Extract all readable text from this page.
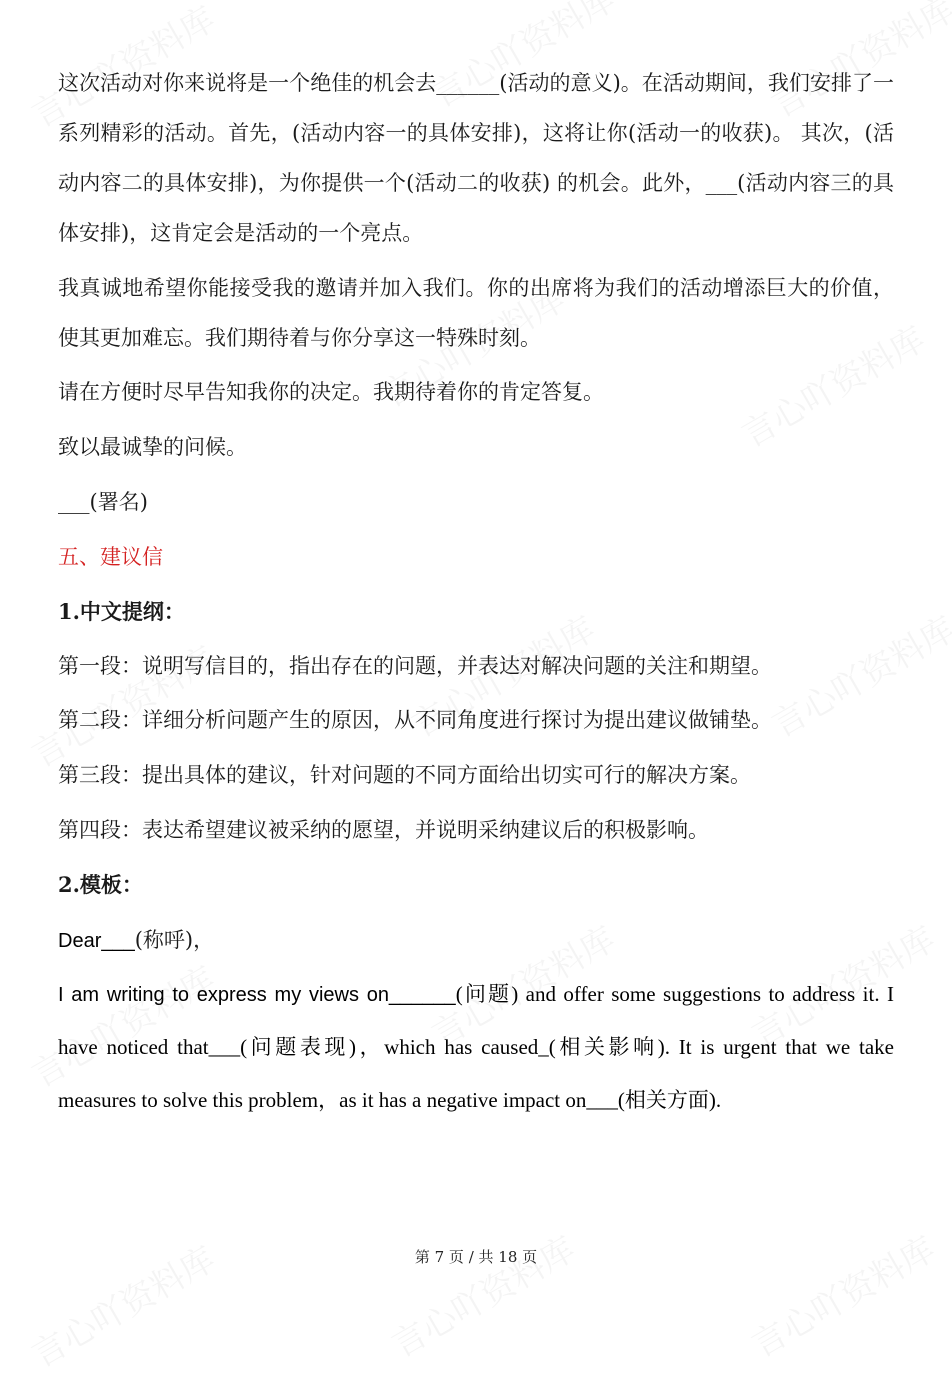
这次活动对你来说将是一个绝佳的机会去______(活动的意义)。在活动期间，我们安排了一系列精彩的活动。首先，(活动内容一的具体安排)，这将让你(活动一的收获)。 其次，(活动内容二的具体安排)，为你提供一个(活动二的收获) 的机会。此外，___(活动内容三的具体安排)，这肯定会是活动的一个亮点。
我真诚地希望你能接受我的邀请并加入我们。你的出席将为我们的活动增添巨大的价值，使其更加难忘。我们期待着与你分享这一特殊时刻。
请在方便时尽早告知我你的决定。我期待着你的肯定答复。
致以最诚挚的问候。
___(署名)
五、建议信
1.中文提纲：
第一段：说明写信目的，指出存在的问题，并表达对解决问题的关注和期望。
第二段：详细分析问题产生的原因，从不同角度进行探讨为提出建议做铺垫。
第三段：提出具体的建议，针对问题的不同方面给出切实可行的解决方案。
第四段：表达希望建议被采纳的愿望，并说明采纳建议后的积极影响。
2.模板：
Dear___(称呼)，
I am writing to express my views on______(问题) and offer some suggestions to address it. I have noticed that___(问题表现)，which has caused_(相关影响). It is urgent that we take measures to solve this problem，as it has a negative impact on___(相关方面).
第 7 页 / 共 18 页
